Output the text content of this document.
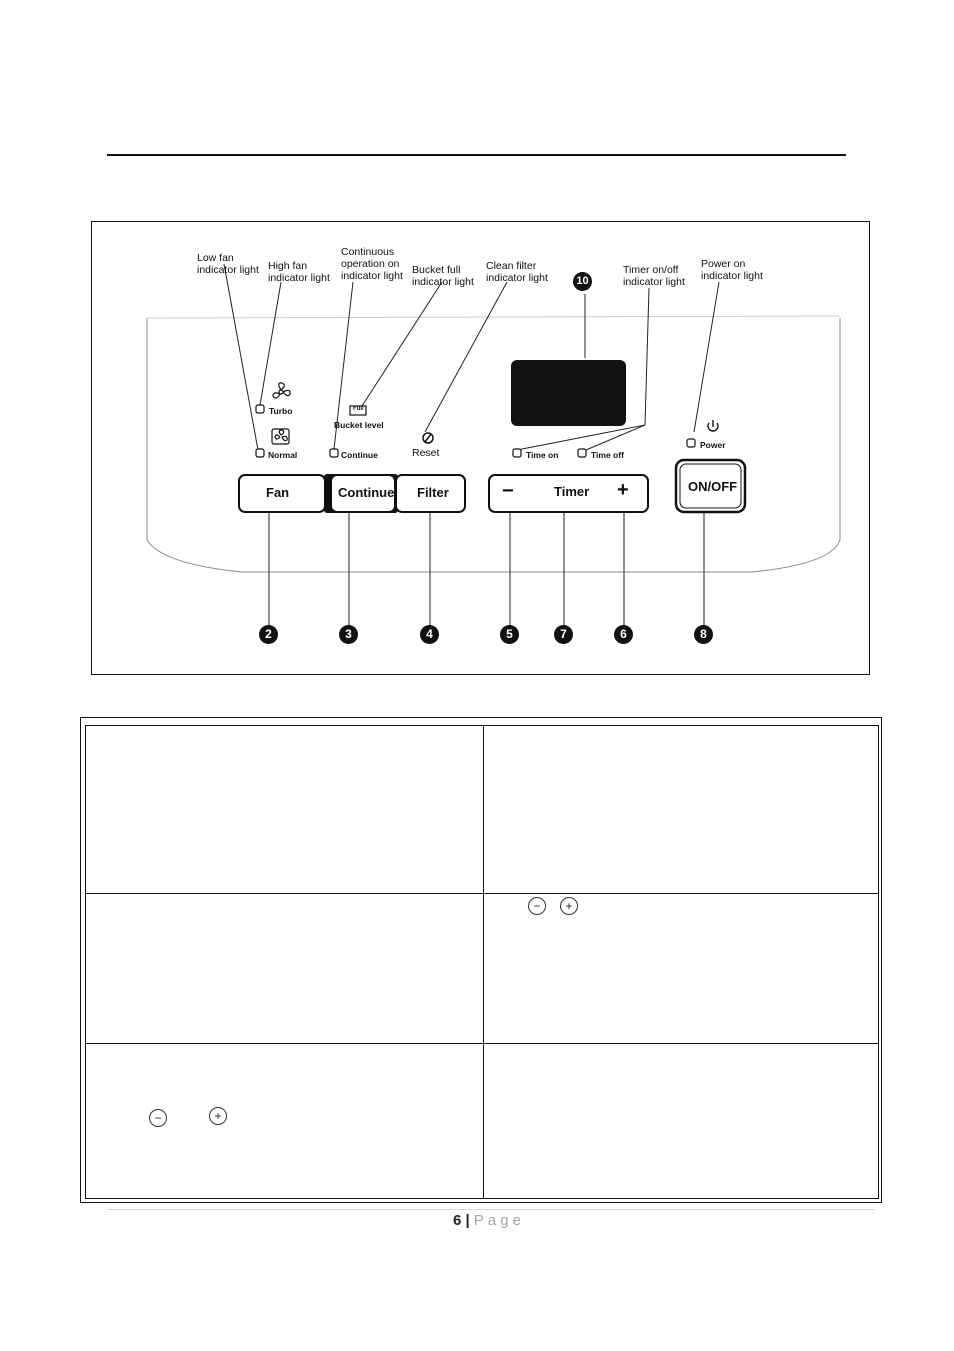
Low fan
indicator light High fan
indicator light
Continuous
operation on
indicator light Bucket full
indicator light
Clean filter
indicator light
Timer on/off
indicator light
Power on
indicator light
Turbo
Normal
Full
Bucket level
Continue	Reset	Time on	Time off
Power
Fan	Continue Filter	−	Timer +	ON/OFF
10
2	3	4	5	7	6	8
−	+
−	+
6 | Page
